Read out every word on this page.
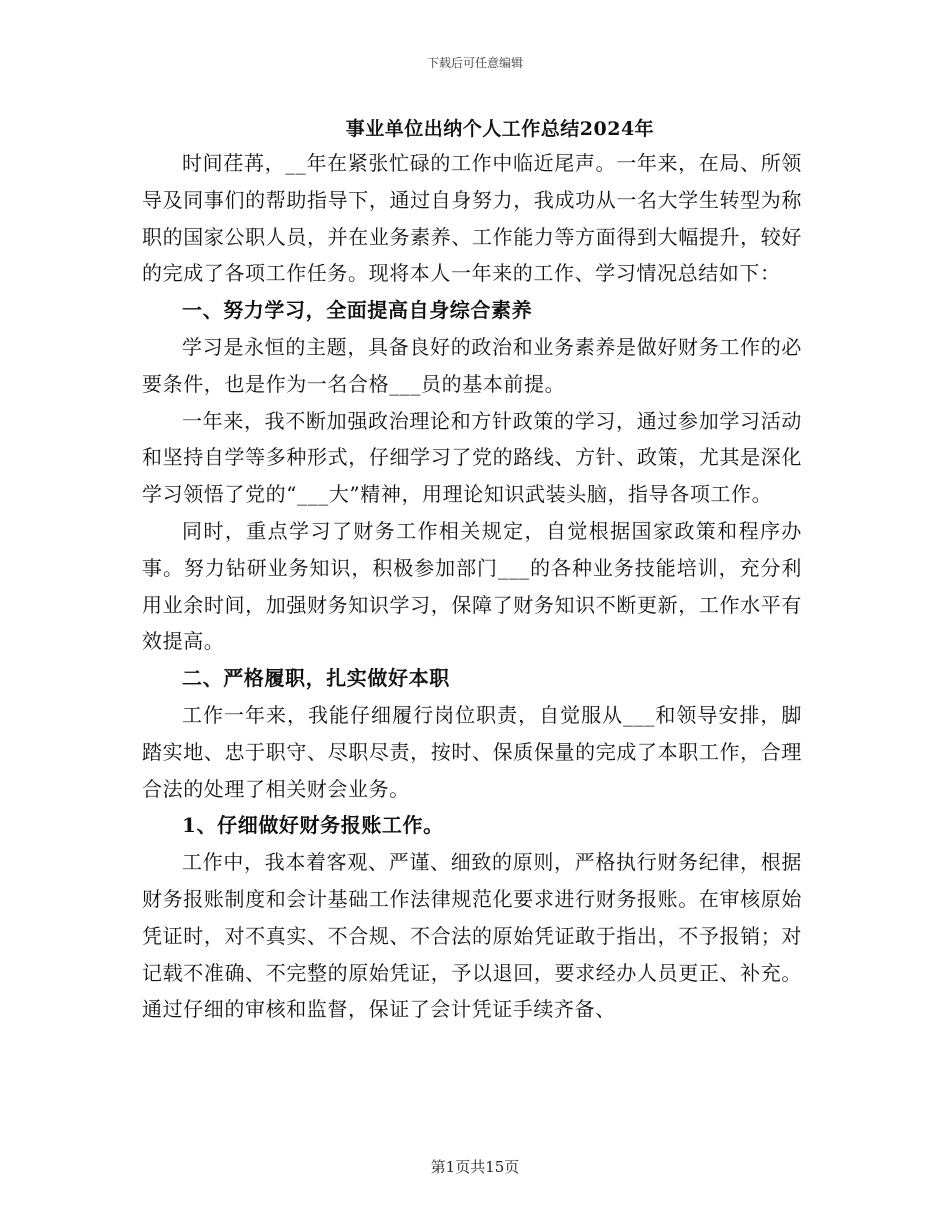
下载后可任意编辑
事业单位出纳个人工作总结2024年

时间荏苒，__年在紧张忙碌的工作中临近尾声。一年来，在局、所领导及同事们的帮助指导下，通过自身努力，我成功从一名大学生转型为称职的国家公职人员，并在业务素养、工作能力等方面得到大幅提升，较好的完成了各项工作任务。现将本人一年来的工作、学习情况总结如下：

一、努力学习，全面提高自身综合素养

学习是永恒的主题，具备良好的政治和业务素养是做好财务工作的必要条件，也是作为一名合格___员的基本前提。

一年来，我不断加强政治理论和方针政策的学习，通过参加学习活动和坚持自学等多种形式，仔细学习了党的路线、方针、政策，尤其是深化学习领悟了党的“___大”精神，用理论知识武装头脑，指导各项工作。

同时，重点学习了财务工作相关规定，自觉根据国家政策和程序办事。努力钻研业务知识，积极参加部门___的各种业务技能培训，充分利用业余时间，加强财务知识学习，保障了财务知识不断更新，工作水平有效提高。

二、严格履职，扎实做好本职

工作一年来，我能仔细履行岗位职责，自觉服从___和领导安排，脚踏实地、忠于职守、尽职尽责，按时、保质保量的完成了本职工作，合理合法的处理了相关财会业务。

1、仔细做好财务报账工作。

工作中，我本着客观、严谨、细致的原则，严格执行财务纪律，根据财务报账制度和会计基础工作法律规范化要求进行财务报账。在审核原始凭证时，对不真实、不合规、不合法的原始凭证敢于指出，不予报销；对记载不准确、不完整的原始凭证，予以退回，要求经办人员更正、补充。通过仔细的审核和监督，保证了会计凭证手续齐备、

第1页共15页
